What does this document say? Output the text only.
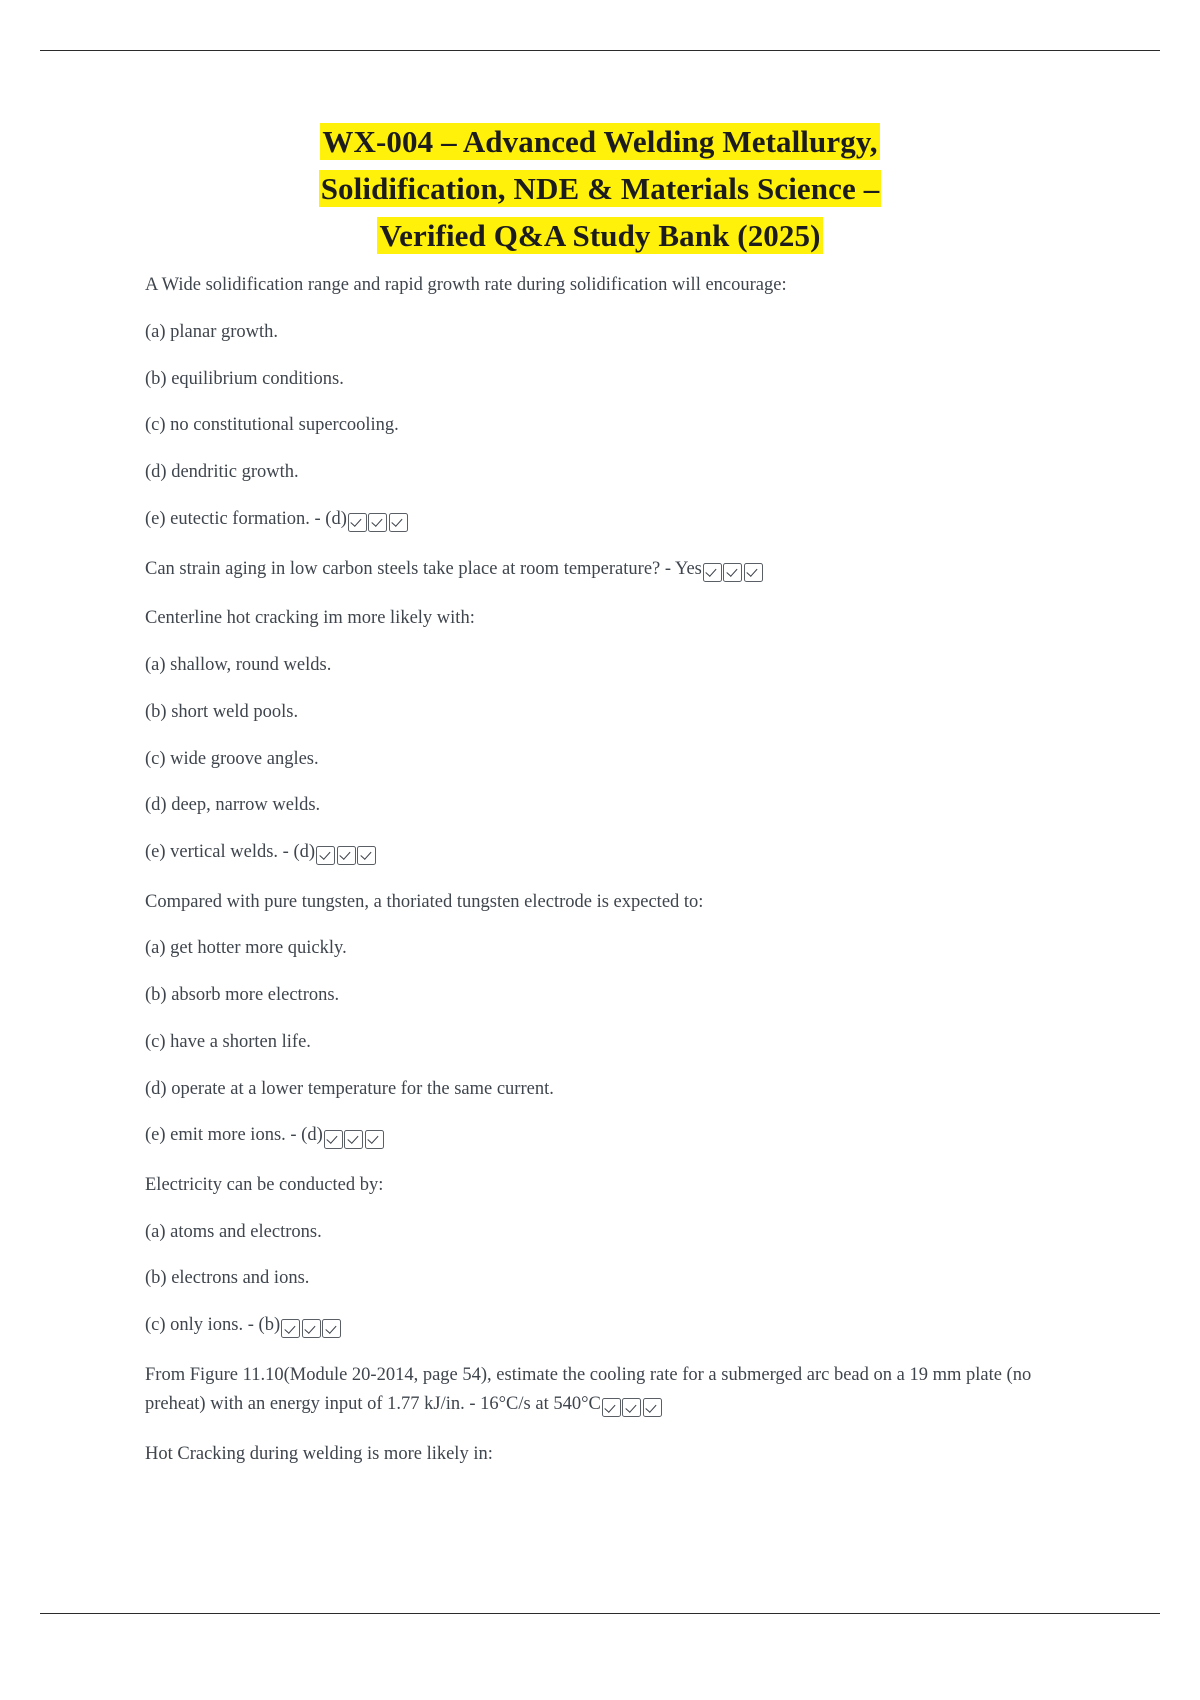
WX-004 – Advanced Welding Metallurgy,
Solidification, NDE & Materials Science –
Verified Q&A Study Bank (2025)

A Wide solidification range and rapid growth rate during solidification will encourage:

(a) planar growth.

(b) equilibrium conditions.

(c) no constitutional supercooling.

(d) dendritic growth.

(e) eutectic formation. - (d)

Can strain aging in low carbon steels take place at room temperature? - Yes

Centerline hot cracking im more likely with:

(a) shallow, round welds.

(b) short weld pools.

(c) wide groove angles.

(d) deep, narrow welds.

(e) vertical welds. - (d)

Compared with pure tungsten, a thoriated tungsten electrode is expected to:

(a) get hotter more quickly.

(b) absorb more electrons.

(c) have a shorten life.

(d) operate at a lower temperature for the same current.

(e) emit more ions. - (d)

Electricity can be conducted by:

(a) atoms and electrons.

(b) electrons and ions.

(c) only ions. - (b)

From Figure 11.10(Module 20-2014, page 54), estimate the cooling rate for a submerged arc bead on a 19 mm plate (no preheat) with an energy input of 1.77 kJ/in. - 16°C/s at 540°C

Hot Cracking during welding is more likely in:
